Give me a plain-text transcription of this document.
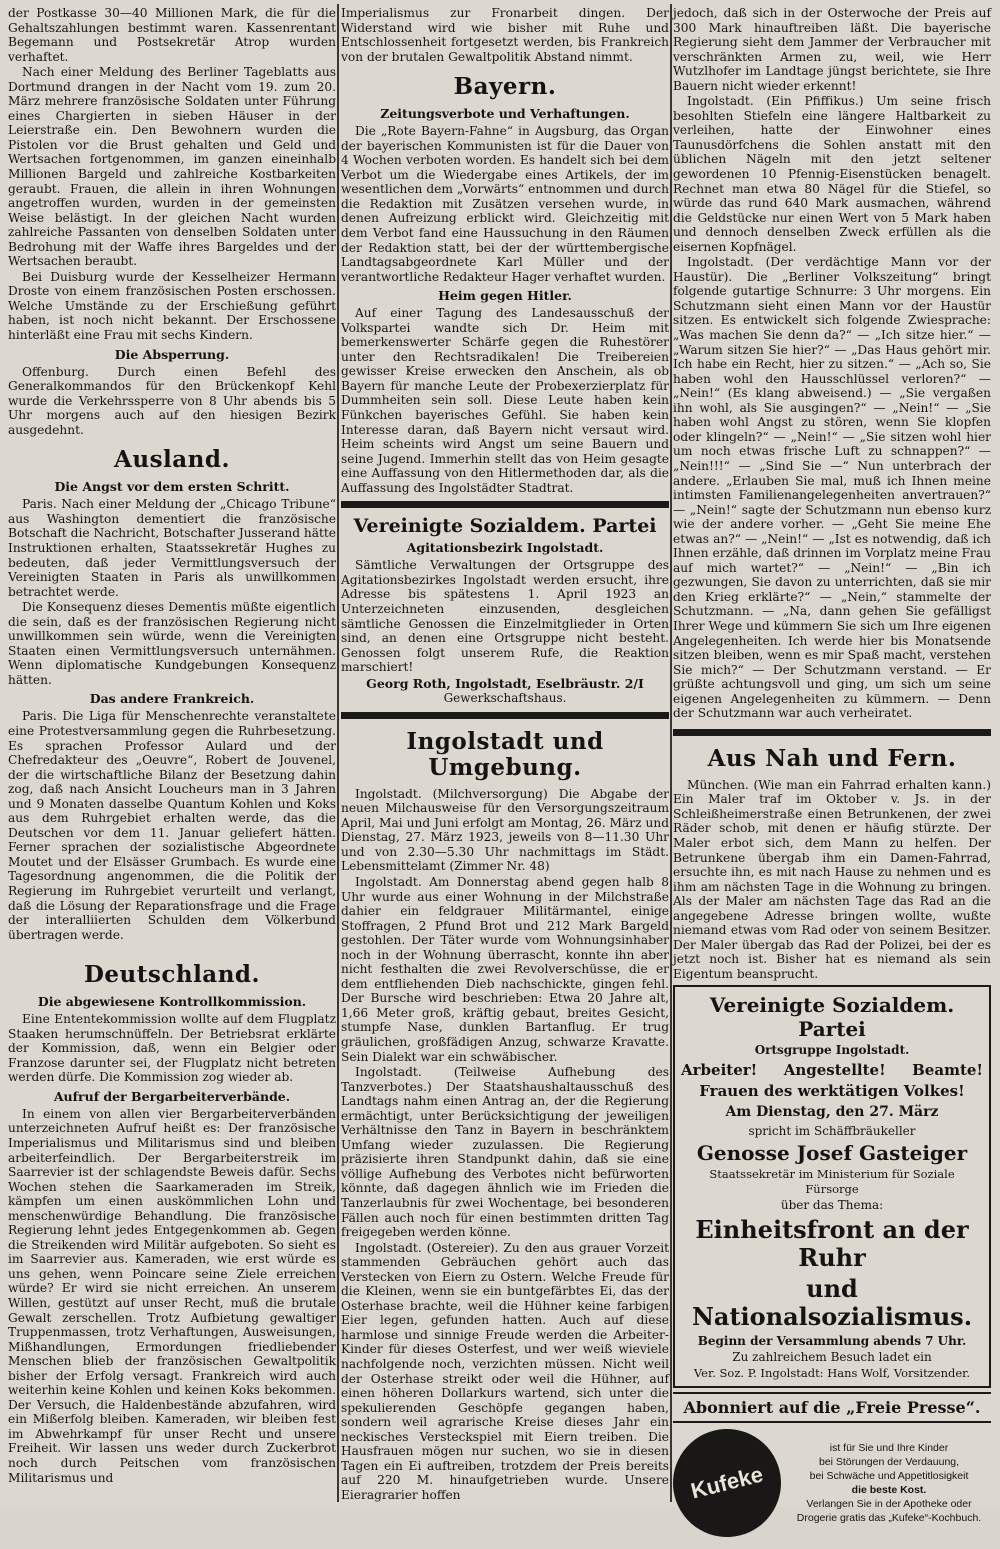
der Postkasse 30—40 Millionen Mark, die für die Gehaltszahlungen bestimmt waren. Kassenrentant Begemann und Postsekretär Atrop wurden verhaftet.

Nach einer Meldung des Berliner Tageblatts aus Dortmund drangen in der Nacht vom 19. zum 20. März mehrere französische Soldaten unter Führung eines Chargierten in sieben Häuser in der Leierstraße ein. Den Bewohnern wurden die Pistolen vor die Brust gehalten und Geld und Wertsachen fortgenommen, im ganzen eineinhalb Millionen Bargeld und zahlreiche Kostbarkeiten geraubt. Frauen, die allein in ihren Wohnungen angetroffen wurden, wurden in der gemeinsten Weise belästigt. In der gleichen Nacht wurden zahlreiche Passanten von denselben Soldaten unter Bedrohung mit der Waffe ihres Bargeldes und der Wertsachen beraubt.

Bei Duisburg wurde der Kesselheizer Hermann Droste von einem französischen Posten erschossen. Welche Umstände zu der Erschießung geführt haben, ist noch nicht bekannt. Der Erschossene hinterläßt eine Frau mit sechs Kindern.

Die Absperrung.

Offenburg. Durch einen Befehl des Generalkommandos für den Brückenkopf Kehl wurde die Verkehrssperre von 8 Uhr abends bis 5 Uhr morgens auch auf den hiesigen Bezirk ausgedehnt.

Ausland.
Die Angst vor dem ersten Schritt.

Paris. Nach einer Meldung der „Chicago Tribune“ aus Washington dementiert die französische Botschaft die Nachricht, Botschafter Jusserand hätte Instruktionen erhalten, Staatssekretär Hughes zu bedeuten, daß jeder Vermittlungsversuch der Vereinigten Staaten in Paris als unwillkommen betrachtet werde.

Die Konsequenz dieses Dementis müßte eigentlich die sein, daß es der französischen Regierung nicht unwillkommen sein würde, wenn die Vereinigten Staaten einen Vermittlungsversuch unternähmen. Wenn diplomatische Kundgebungen Konsequenz hätten.

Das andere Frankreich.

Paris. Die Liga für Menschenrechte veranstaltete eine Protestversammlung gegen die Ruhrbesetzung. Es sprachen Professor Aulard und der Chefredakteur des „Oeuvre“, Robert de Jouvenel, der die wirtschaftliche Bilanz der Besetzung dahin zog, daß nach Ansicht Loucheurs man in 3 Jahren und 9 Monaten dasselbe Quantum Kohlen und Koks aus dem Ruhrgebiet erhalten werde, das die Deutschen vor dem 11. Januar geliefert hätten. Ferner sprachen der sozialistische Abgeordnete Moutet und der Elsässer Grumbach. Es wurde eine Tagesordnung angenommen, die die Politik der Regierung im Ruhrgebiet verurteilt und verlangt, daß die Lösung der Reparationsfrage und die Frage der interalliierten Schulden dem Völkerbund übertragen werde.

Deutschland.
Die abgewiesene Kontrollkommission.

Eine Ententekommission wollte auf dem Flugplatz Staaken herumschnüffeln. Der Betriebsrat erklärte der Kommission, daß, wenn ein Belgier oder Franzose darunter sei, der Flugplatz nicht betreten werden dürfe. Die Kommission zog wieder ab.

Aufruf der Bergarbeiterverbände.

In einem von allen vier Bergarbeiterverbänden unterzeichneten Aufruf heißt es: Der französische Imperialismus und Militarismus sind und bleiben arbeiterfeindlich. Der Bergarbeiterstreik im Saarrevier ist der schlagendste Beweis dafür. Sechs Wochen stehen die Saarkameraden im Streik, kämpfen um einen auskömmlichen Lohn und menschenwürdige Behandlung. Die französische Regierung lehnt jedes Entgegenkommen ab. Gegen die Streikenden wird Militär aufgeboten. So sieht es im Saarrevier aus. Kameraden, wie erst würde es uns gehen, wenn Poincare seine Ziele erreichen würde? Er wird sie nicht erreichen. An unserem Willen, gestützt auf unser Recht, muß die brutale Gewalt zerschellen. Trotz Aufbietung gewaltiger Truppenmassen, trotz Verhaftungen, Ausweisungen, Mißhandlungen, Ermordungen friedliebender Menschen blieb der französischen Gewaltpolitik bisher der Erfolg versagt. Frankreich wird auch weiterhin keine Kohlen und keinen Koks bekommen. Der Versuch, die Haldenbestände abzufahren, wird ein Mißerfolg bleiben. Kameraden, wir bleiben fest im Abwehrkampf für unser Recht und unsere Freiheit. Wir lassen uns weder durch Zuckerbrot noch durch Peitschen vom französischen Militarismus und

Imperialismus zur Fronarbeit dingen. Der Widerstand wird wie bisher mit Ruhe und Entschlossenheit fortgesetzt werden, bis Frankreich von der brutalen Gewaltpolitik Abstand nimmt.

Bayern.
Zeitungsverbote und Verhaftungen.

Die „Rote Bayern-Fahne“ in Augsburg, das Organ der bayerischen Kommunisten ist für die Dauer von 4 Wochen verboten worden. Es handelt sich bei dem Verbot um die Wiedergabe eines Artikels, der im wesentlichen dem „Vorwärts“ entnommen und durch die Redaktion mit Zusätzen versehen wurde, in denen Aufreizung erblickt wird. Gleichzeitig mit dem Verbot fand eine Haussuchung in den Räumen der Redaktion statt, bei der der württembergische Landtagsabgeordnete Karl Müller und der verantwortliche Redakteur Hager verhaftet wurden.

Heim gegen Hitler.

Auf einer Tagung des Landesausschuß der Volkspartei wandte sich Dr. Heim mit bemerkenswerter Schärfe gegen die Ruhestörer unter den Rechtsradikalen! Die Treibereien gewisser Kreise erwecken den Anschein, als ob Bayern für manche Leute der Probexerzierplatz für Dummheiten sein soll. Diese Leute haben kein Fünkchen bayerisches Gefühl. Sie haben kein Interesse daran, daß Bayern nicht versaut wird. Heim scheints wird Angst um seine Bauern und seine Jugend. Immerhin stellt das von Heim gesagte eine Auffassung von den Hitlermethoden dar, als die Auffassung des Ingolstädter Stadtrat.

Vereinigte Sozialdem. Partei
Agitationsbezirk Ingolstadt.

Sämtliche Verwaltungen der Ortsgruppe des Agitationsbezirkes Ingolstadt werden ersucht, ihre Adresse bis spätestens 1. April 1923 an Unterzeichneten einzusenden, desgleichen sämtliche Genossen die Einzelmitglieder in Orten sind, an denen eine Ortsgruppe nicht besteht. Genossen folgt unserem Rufe, die Reaktion marschiert!

Georg Roth, Ingolstadt, Eselbräustr. 2/I
Gewerkschaftshaus.
Ingolstadt und Umgebung.

Ingolstadt. (Milchversorgung) Die Abgabe der neuen Milchausweise für den Versorgungszeitraum April, Mai und Juni erfolgt am Montag, 26. März und Dienstag, 27. März 1923, jeweils von 8—11.30 Uhr und von 2.30—5.30 Uhr nachmittags im Städt. Lebensmittelamt (Zimmer Nr. 48)

Ingolstadt. Am Donnerstag abend gegen halb 8 Uhr wurde aus einer Wohnung in der Milchstraße dahier ein feldgrauer Militärmantel, einige Stoffragen, 2 Pfund Brot und 212 Mark Bargeld gestohlen. Der Täter wurde vom Wohnungsinhaber noch in der Wohnung überrascht, konnte ihn aber nicht festhalten die zwei Revolverschüsse, die er dem entfliehenden Dieb nachschickte, gingen fehl. Der Bursche wird beschrieben: Etwa 20 Jahre alt, 1,66 Meter groß, kräftig gebaut, breites Gesicht, stumpfe Nase, dunklen Bartanflug. Er trug gräulichen, großfädigen Anzug, schwarze Kravatte. Sein Dialekt war ein schwäbischer.

Ingolstadt. (Teilweise Aufhebung des Tanzverbotes.) Der Staatshaushaltausschuß des Landtags nahm einen Antrag an, der die Regierung ermächtigt, unter Berücksichtigung der jeweiligen Verhältnisse den Tanz in Bayern in beschränktem Umfang wieder zuzulassen. Die Regierung präzisierte ihren Standpunkt dahin, daß sie eine völlige Aufhebung des Verbotes nicht befürworten könnte, daß dagegen ähnlich wie im Frieden die Tanzerlaubnis für zwei Wochentage, bei besonderen Fällen auch noch für einen bestimmten dritten Tag freigegeben werden könne.

Ingolstadt. (Ostereier). Zu den aus grauer Vorzeit stammenden Gebräuchen gehört auch das Verstecken von Eiern zu Ostern. Welche Freude für die Kleinen, wenn sie ein buntgefärbtes Ei, das der Osterhase brachte, weil die Hühner keine farbigen Eier legen, gefunden hatten. Auch auf diese harmlose und sinnige Freude werden die Arbeiter-Kinder für dieses Osterfest, und wer weiß wieviele nachfolgende noch, verzichten müssen. Nicht weil der Osterhase streikt oder weil die Hühner, auf einen höheren Dollarkurs wartend, sich unter die spekulierenden Geschöpfe gegangen haben, sondern weil agrarische Kreise dieses Jahr ein neckisches Versteckspiel mit Eiern treiben. Die Hausfrauen mögen nur suchen, wo sie in diesen Tagen ein Ei auftreiben, trotzdem der Preis bereits auf 220 M. hinaufgetrieben wurde. Unsere Eieragrarier hoffen

jedoch, daß sich in der Osterwoche der Preis auf 300 Mark hinauftreiben läßt. Die bayerische Regierung sieht dem Jammer der Verbraucher mit verschränkten Armen zu, weil, wie Herr Wutzlhofer im Landtage jüngst berichtete, sie Ihre Bauern nicht wieder erkennt!

Ingolstadt. (Ein Pfiffikus.) Um seine frisch besohlten Stiefeln eine längere Haltbarkeit zu verleihen, hatte der Einwohner eines Taunusdörfchens die Sohlen anstatt mit den üblichen Nägeln mit den jetzt seltener gewordenen 10 Pfennig-Eisenstücken benagelt. Rechnet man etwa 80 Nägel für die Stiefel, so würde das rund 640 Mark ausmachen, während die Geldstücke nur einen Wert von 5 Mark haben und dennoch denselben Zweck erfüllen als die eisernen Kopfnägel.

Ingolstadt. (Der verdächtige Mann vor der Haustür). Die „Berliner Volkszeitung“ bringt folgende gutartige Schnurre: 3 Uhr morgens. Ein Schutzmann sieht einen Mann vor der Haustür sitzen. Es entwickelt sich folgende Zwiesprache: „Was machen Sie denn da?“ — „Ich sitze hier.“ — „Warum sitzen Sie hier?“ — „Das Haus gehört mir. Ich habe ein Recht, hier zu sitzen.“ — „Ach so, Sie haben wohl den Hausschlüssel verloren?“ — „Nein!“ (Es klang abweisend.) — „Sie vergaßen ihn wohl, als Sie ausgingen?“ — „Nein!“ — „Sie haben wohl Angst zu stören, wenn Sie klopfen oder klingeln?“ — „Nein!“ — „Sie sitzen wohl hier um noch etwas frische Luft zu schnappen?“ — „Nein!!!“ — „Sind Sie —“ Nun unterbrach der andere. „Erlauben Sie mal, muß ich Ihnen meine intimsten Familienangelegenheiten anvertrauen?“ — „Nein!“ sagte der Schutzmann nun ebenso kurz wie der andere vorher. — „Geht Sie meine Ehe etwas an?“ — „Nein!“ — „Ist es notwendig, daß ich Ihnen erzähle, daß drinnen im Vorplatz meine Frau auf mich wartet?“ — „Nein!“ — „Bin ich gezwungen, Sie davon zu unterrichten, daß sie mir den Krieg erklärte?“ — „Nein,“ stammelte der Schutzmann. — „Na, dann gehen Sie gefälligst Ihrer Wege und kümmern Sie sich um Ihre eigenen Angelegenheiten. Ich werde hier bis Monatsende sitzen bleiben, wenn es mir Spaß macht, verstehen Sie mich?“ — Der Schutzmann verstand. — Er grüßte achtungsvoll und ging, um sich um seine eigenen Angelegenheiten zu kümmern. — Denn der Schutzmann war auch verheiratet.

Aus Nah und Fern.

München. (Wie man ein Fahrrad erhalten kann.) Ein Maler traf im Oktober v. Js. in der Schleißheimerstraße einen Betrunkenen, der zwei Räder schob, mit denen er häufig stürzte. Der Maler erbot sich, dem Mann zu helfen. Der Betrunkene übergab ihm ein Damen-Fahrrad, ersuchte ihn, es mit nach Hause zu nehmen und es ihm am nächsten Tage in die Wohnung zu bringen. Als der Maler am nächsten Tage das Rad an die angegebene Adresse bringen wollte, wußte niemand etwas vom Rad oder von seinem Besitzer. Der Maler übergab das Rad der Polizei, bei der es jetzt noch ist. Bisher hat es niemand als sein Eigentum beansprucht.

Vereinigte Sozialdem. Partei
Ortsgruppe Ingolstadt.
Arbeiter! Angestellte! Beamte!
Frauen des werktätigen Volkes!
Am Dienstag, den 27. März
spricht im Schäffbräukeller
Genosse Josef Gasteiger
Staatssekretär im Ministerium für Soziale Fürsorge
über das Thema:
Einheitsfront an der Ruhr
und Nationalsozialismus.
Beginn der Versammlung abends 7 Uhr.
Zu zahlreichem Besuch ladet ein
Ver. Soz. P. Ingolstadt: Hans Wolf, Vorsitzender.
Abonniert auf die „Freie Presse“.
Kufeke
ist für Sie und Ihre Kinder
bei Störungen der Verdauung,
bei Schwäche und Appetitlosigkeit
die beste Kost.
Verlangen Sie in der Apotheke oder
Drogerie gratis das „Kufeke“-Kochbuch.
